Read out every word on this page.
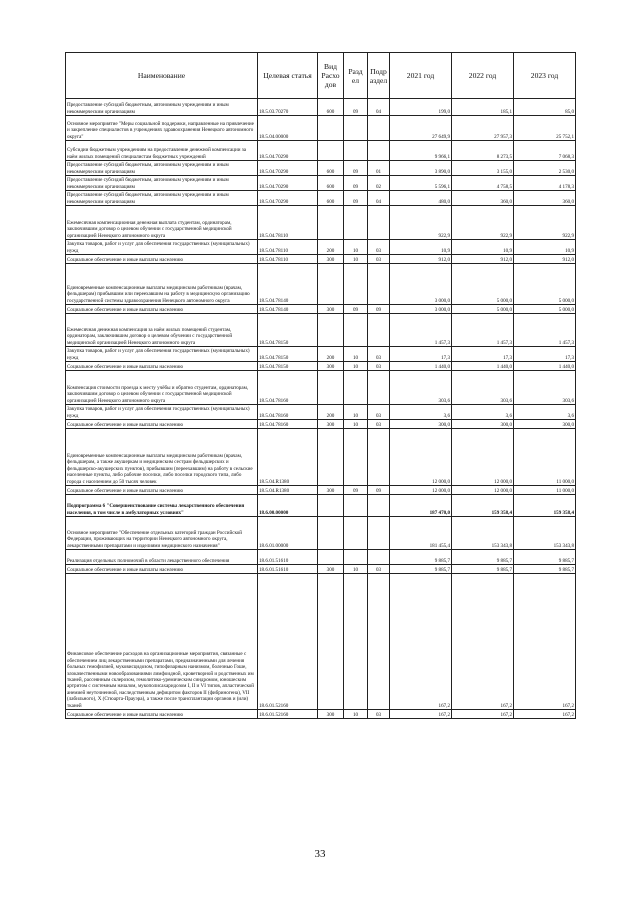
Наименование	Целевая статья	Вид Расхо дов	Разд ел	Подр аздел	2021 год	2022 год	2023 год
Предоставление субсидий бюджетным, автономным учреждениям и иным некоммерческим организациям	18.5.03.70270	600	09	04	199,0	185,1	85,0
Основное мероприятие "Меры социальной поддержки, направленные на привлечение и закрепление специалистов в учреждениях здравоохранения Ненецкого автономного округа"	18.5.04.00000				27 649,9	27 957,3	25 752,1
Субсидии бюджетным учреждениям на предоставление денежной компенсации за наём жилых помещений специалистам бюджетных учреждений	18.5.04.70290				9 966,1	8 273,5	7 068,3
Предоставление субсидий бюджетным, автономным учреждениям и иным некоммерческим организациям	18.5.04.70290	600	09	01	3 890,0	3 155,0	2 530,0
Предоставление субсидий бюджетным, автономным учреждениям и иным некоммерческим организациям	18.5.04.70290	600	09	02	5 596,1	4 758,5	4 178,3
Предоставление субсидий бюджетным, автономным учреждениям и иным некоммерческим организациям	18.5.04.70290	600	09	04	480,0	360,0	360,0
Ежемесячная компенсационная денежная выплата студентам, ординаторам, заключившим договор о целевом обучении с государственной медицинской организацией Ненецкого автономного округа	18.5.04.78110				922,9	922,9	922,9
Закупка товаров, работ и услуг для обеспечения государственных (муниципальных) нужд	18.5.04.78110	200	10	03	10,9	10,9	10,9
Социальное обеспечение и иные выплаты населению	18.5.04.78110	300	10	03	912,0	912,0	912,0
Единовременные компенсационные выплаты медицинским работникам (врачам, фельдшерам) прибывшим или переехавшим на работу в медицинскую организацию государственной системы здравоохранения Ненецкого автономного округа	18.5.04.78140				3 000,0	5 000,0	5 000,0
Социальное обеспечение и иные выплаты населению	18.5.04.78140	300	09	09	3 000,0	5 000,0	5 000,0
Ежемесячная денежная компенсация за наём жилых помещений студентам, ординаторам, заключившим договор о целевом обучении с государственной медицинской организацией Ненецкого автономного округа	18.5.04.78150				1 457,3	1 457,3	1 457,3
Закупка товаров, работ и услуг для обеспечения государственных (муниципальных) нужд	18.5.04.78150	200	10	03	17,3	17,3	17,3
Социальное обеспечение и иные выплаты населению	18.5.04.78150	300	10	03	1 440,0	1 440,0	1 440,0
Компенсация стоимости проезда к месту учёбы и обратно студентам, ординаторам, заключившим договор о целевом обучении с государственной медицинской организацией Ненецкого автономного округа	18.5.04.78160				303,6	303,6	303,6
Закупка товаров, работ и услуг для обеспечения государственных (муниципальных) нужд	18.5.04.78160	200	10	03	3,6	3,6	3,6
Социальное обеспечение и иные выплаты населению	18.5.04.78160	300	10	03	300,0	300,0	300,0
Единовременные компенсационные выплаты медицинским работникам (врачам, фельдшерам, а также акушеркам и медицинским сестрам фельдшерских и фельдшерско-акушерских пунктов), прибывшим (переехавшим) на работу в сельские населенные пункты, либо рабочие поселки, либо поселки городского типа, либо города с населением до 50 тысяч человек	18.5.04.R1380				12 000,0	12 000,0	11 000,0
Социальное обеспечение и иные выплаты населению	18.5.04.R1380	300	09	09	12 000,0	12 000,0	11 000,0
Подпрограмма 6 "Совершенствование системы лекарственного обеспечения населения, в том числе в амбулаторных условиях"	18.6.00.00000				187 470,0	159 358,4	159 358,4
Основное мероприятие "Обеспечение отдельных категорий граждан Российской Федерации, проживающих на территории Ненецкого автономного округа, лекарственными препаратами и изделиями медицинского назначения"	18.6.01.00000				181 455,4	153 343,8	153 343,8
Реализация отдельных полномочий в области лекарственного обеспечения	18.6.01.51610				9 885,7	9 885,7	9 885,7
Социальное обеспечение и иные выплаты населению	18.6.01.51610	300	10	03	9 885,7	9 885,7	9 885,7
Финансовое обеспечение расходов на организационные мероприятия, связанные с обеспечением лиц лекарственными препаратами, предназначенными для лечения больных гемофилией, муковисцидозом, гипофизарным нанизмом, болезнью Гоше, злокачественными новообразованиями лимфоидной, кроветворной и родственных им тканей, рассеянным склерозом, гемолитико-уремическим синдромом, юношеским артритом с системным началом, мукополисахаридозом I, II и VI типов, апластической анемией неуточненной, наследственным дефицитом факторов II (фибриногена), VII (лабильного), X (Стюарта-Прауэра), а также после трансплантации органов и (или) тканей	18.6.01.52160				167,2	167,2	167,2
Социальное обеспечение и иные выплаты населению	18.6.01.52160	300	10	03	167,2	167,2	167,2
33
